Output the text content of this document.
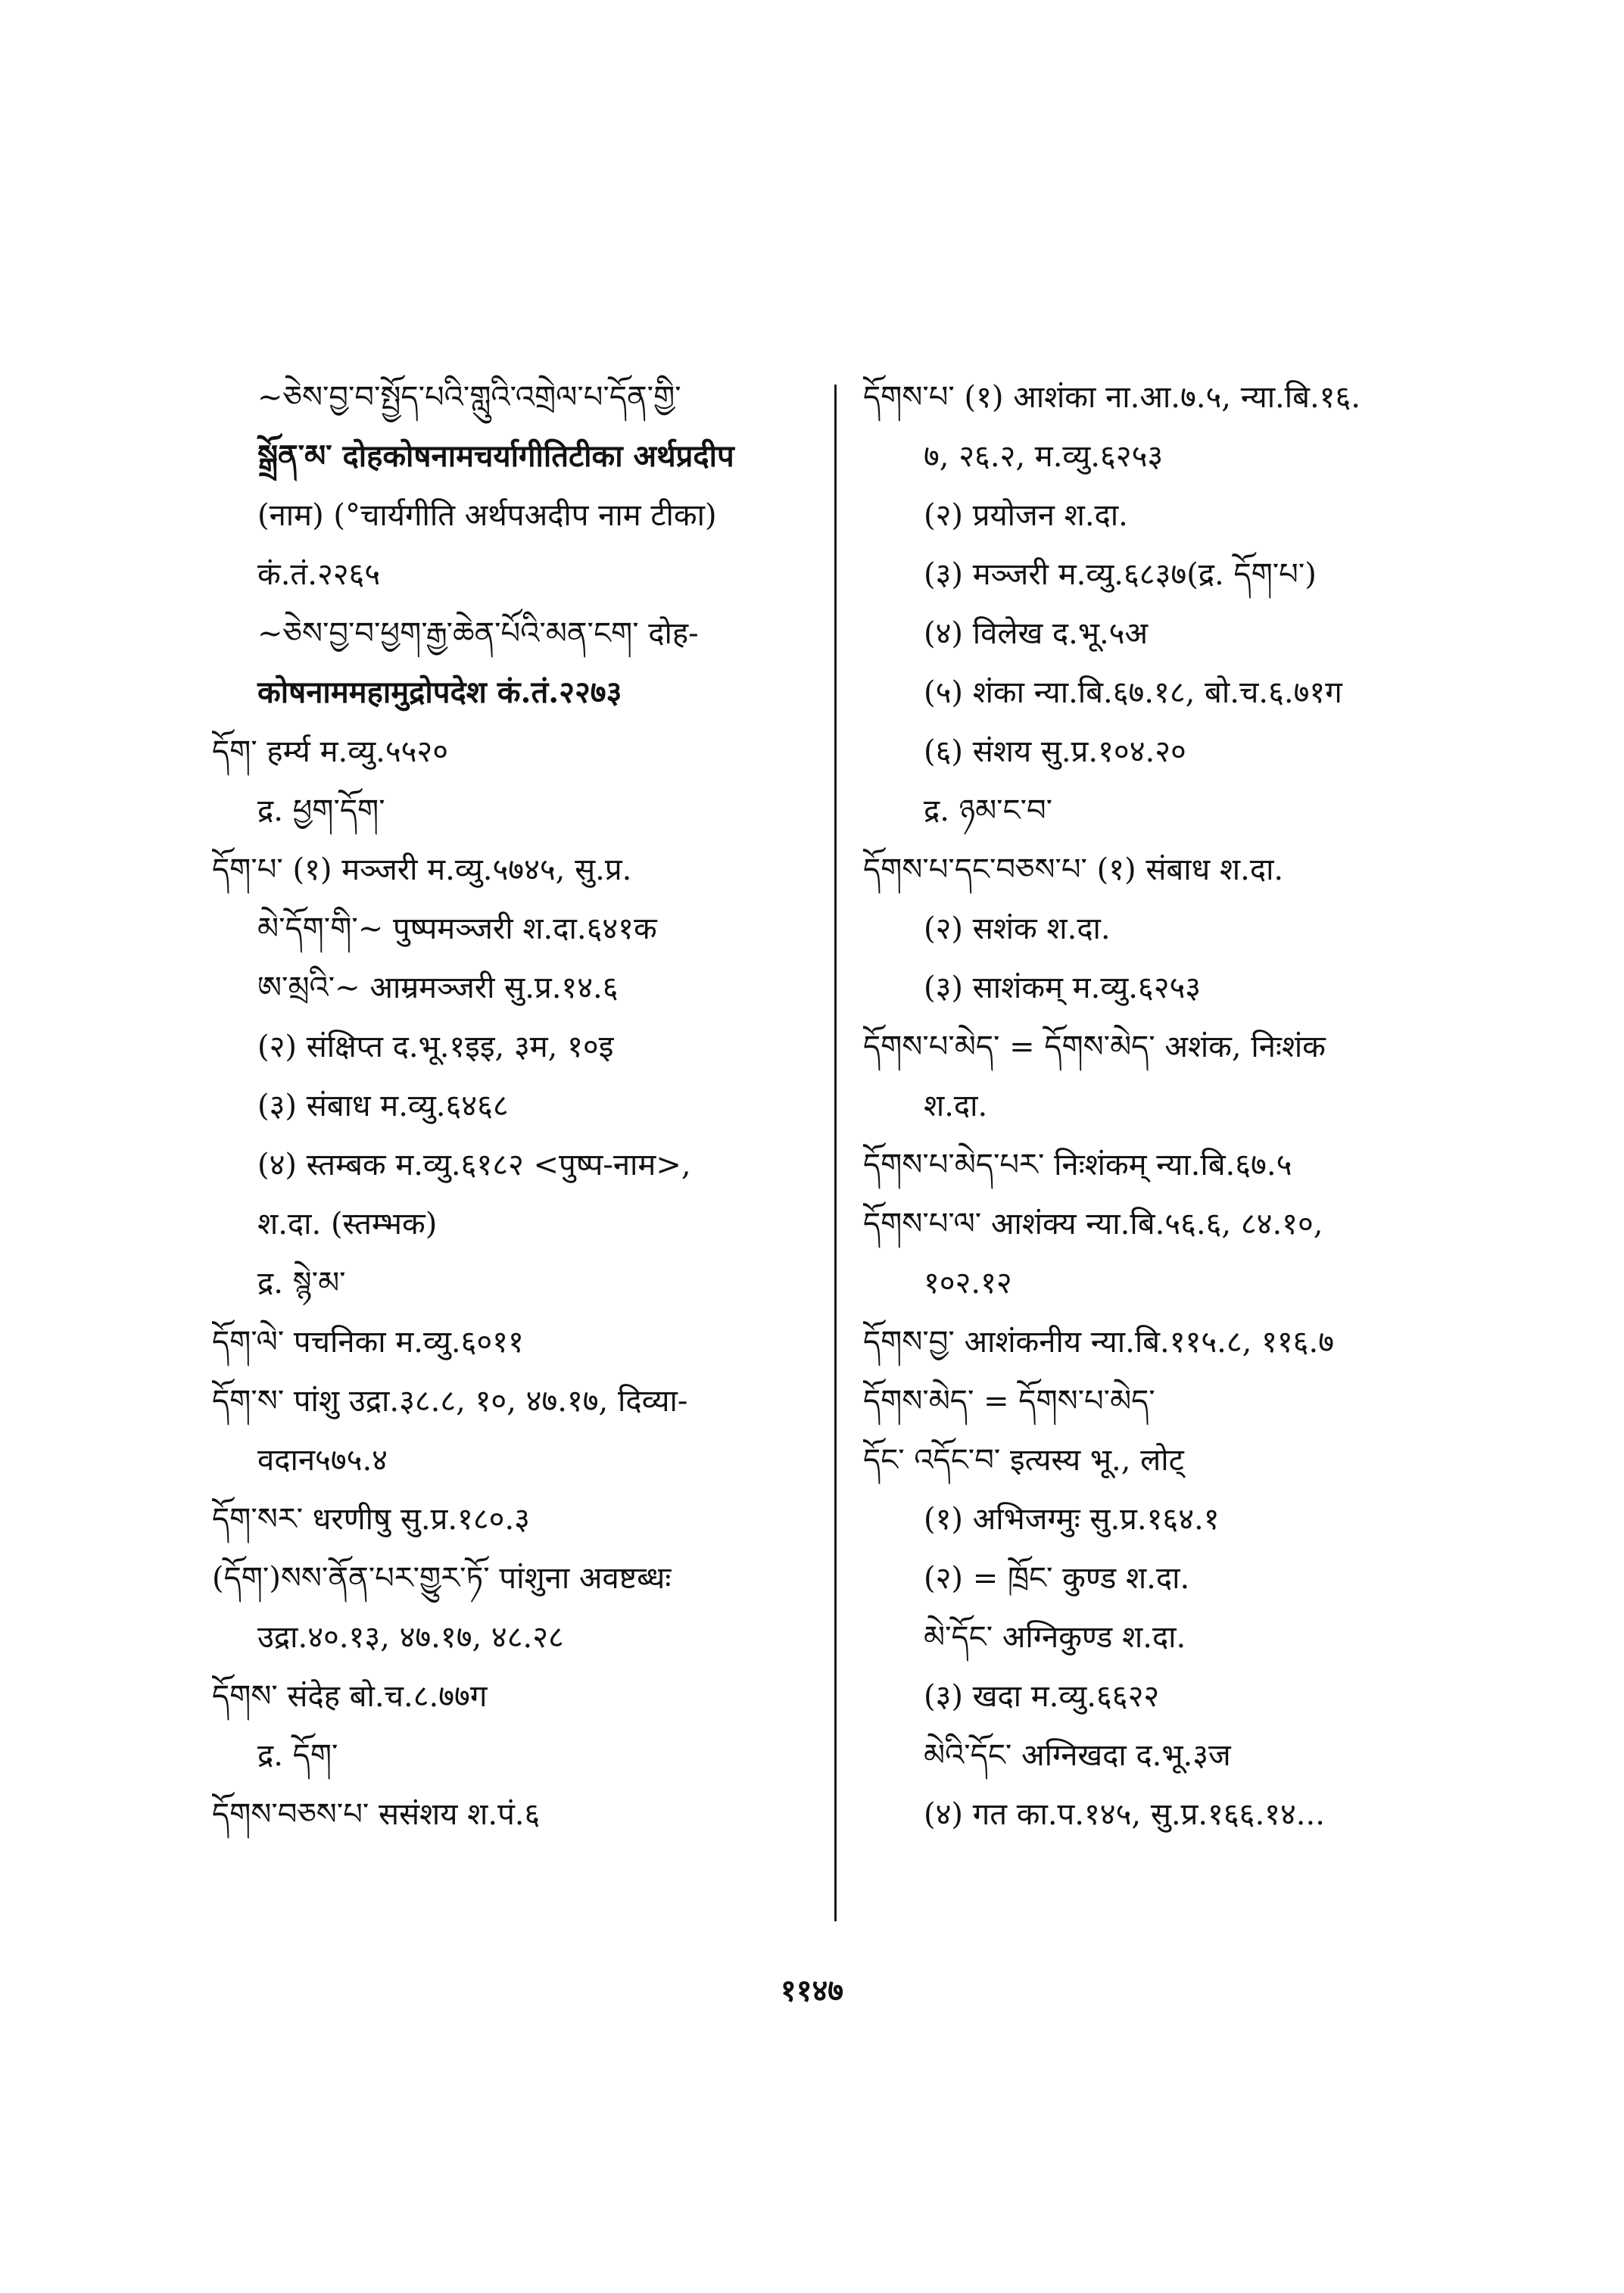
~ཅེས་བྱ་བ་སྤྱོད་པའི་གླུའི་འགྲེལ་པ་དོན་གྱི་
སྒྲོན་མ་ दोहकोषनामचर्यागीतिटीका अर्थप्रदीप
(नाम) (°चार्यगीति अर्थपअदीप नाम टीका)
कं.तं.२२६५
~ཅེས་བྱ་བ་ཕྱག་རྒྱ་ཆེན་པོའི་མན་ངག་ दोह-
कोषनाममहामुद्रोपदेश कं.तं.२२७३
དོག་ हर्म्य म.व्यु.५५२०
द्र. ཕྱག་དོག་
དོག་པ་ (१) मञ्जरी म.व्यु.५७४५, सु.प्र.
མེ་དོག་གི་~ पुष्पमञ्जरी श.दा.६४१क
ཨ་མྲའི་~ आम्रमञ्जरी सु.प्र.१४.६
(२) संक्षिप्त द.भू.१इइ, ३म, १०इ
(३) संबाध म.व्यु.६४६८
(४) स्तम्बक म.व्यु.६१८२ <पुष्प-नाम>,
श.दा. (स्तम्भक)
द्र. སྙེ་མ་
དོག་ལེ་ पचनिका म.व्यु.६०११
དོག་ས་ पांशु उद्रा.३८.८, १०, ४७.१७, दिव्या-
वदान५७५.४
དོག་སར་ धरणीषु सु.प्र.१८०.३
(དོག་)སས་ནོན་པར་གྱུར་ཏོ་ पांशुना अवष्टब्धः
उद्रा.४०.१३, ४७.१७, ४८.२८
དོགས་ संदेह बो.च.८.७७ग
द्र. དོག་
དོགས་བཅས་པ་ ससंशय श.पं.६
དོགས་པ་ (१) आशंका ना.आ.७.५, न्या.बि.१६.
७, २६.२, म.व्यु.६२५३
(२) प्रयोजन श.दा.
(३) मञ्जरी म.व्यु.६८३७(द्र. དོག་པ་)
(४) विलेख द.भू.५अ
(५) शंका न्या.बि.६७.१८, बो.च.६.७१ग
(६) संशय सु.प्र.१०४.२०
द्र. ཉམ་ང་བ་
དོགས་པ་དང་བཅས་པ་ (१) संबाध श.दा.
(२) सशंक श.दा.
(३) साशंकम् म.व्यु.६२५३
དོགས་པ་མེད་ = དོགས་མེད་ अशंक, निःशंक
श.दा.
དོགས་པ་མེད་པར་ निःशंकम् न्या.बि.६७.५
དོགས་པ་ལ་ आशंक्य न्या.बि.५६.६, ८४.१०,
१०२.१२
དོགས་བྱ་ आशंकनीय न्या.बि.११५.८, ११६.७
དོགས་མེད་ = དོགས་པ་མེད་
དོང་ འདོང་བ་ इत्यस्य भू., लोट्
(१) अभिजग्मुः सु.प्र.१६४.१
(२) = ཁྲོང་ कुण्ड श.दा.
མེ་དོང་ अग्निकुण्ड श.दा.
(३) खदा म.व्यु.६६२२
མེའི་དོང་ अग्निखदा द.भू.३ज
(४) गत का.प.१४५, सु.प्र.१६६.१४...
११४७
